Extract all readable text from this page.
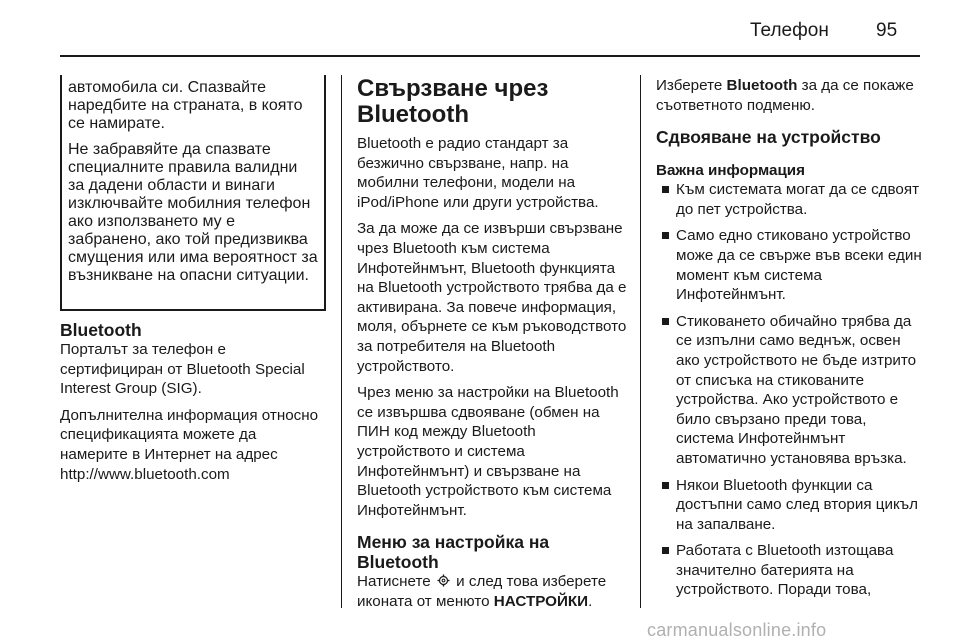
Телефон 95

автомобила си. Спазвайте наредбите на страната, в която се намирате.

Не забравяйте да спазвате специалните правила валидни за дадени области и винаги изключвайте мобилния телефон ако използването му е забранено, ако той предизвиква смущения или има вероятност за възникване на опасни ситуации.

Bluetooth

Порталът за телефон е сертифициран от Bluetooth Special Interest Group (SIG).

Допълнителна информация относно спецификацията можете да намерите в Интернет на адрес http://www.bluetooth.com

Свързване чрез Bluetooth

Bluetooth е радио стандарт за безжично свързване, напр. на мобилни телефони, модели на iPod/iPhone или други устройства.

За да може да се извърши свързване чрез Bluetooth към система Инфотейнмънт, Bluetooth функцията на Bluetooth устройството трябва да е активирана. За повече информация, моля, обърнете се към ръководството за потребителя на Bluetooth устройството.

Чрез меню за настройки на Bluetooth се извършва сдвояване (обмен на ПИН код между Bluetooth устройството и система Инфотейнмънт) и свързване на Bluetooth устройството към система Инфотейнмънт.

Меню за настройка на Bluetooth

Натиснете и след това изберете иконата от менюто НАСТРОЙКИ.

Изберете Bluetooth за да се покаже съответното подменю.

Сдвояване на устройство
Важна информация
Към системата могат да се сдвоят до пет устройства.
Само едно стиковано устройство може да се свърже във всеки един момент към система Инфотейнмънт.
Стиковането обичайно трябва да се изпълни само веднъж, освен ако устройството не бъде изтрито от списъка на стикованите устройства. Ако устройството е било свързано преди това, система Инфотейнмънт автоматично установява връзка.
Някои Bluetooth функции са достъпни само след втория цикъл на запалване.
Работата с Bluetooth изтощава значително батерията на устройството. Поради това,
carmanualsonline.info
